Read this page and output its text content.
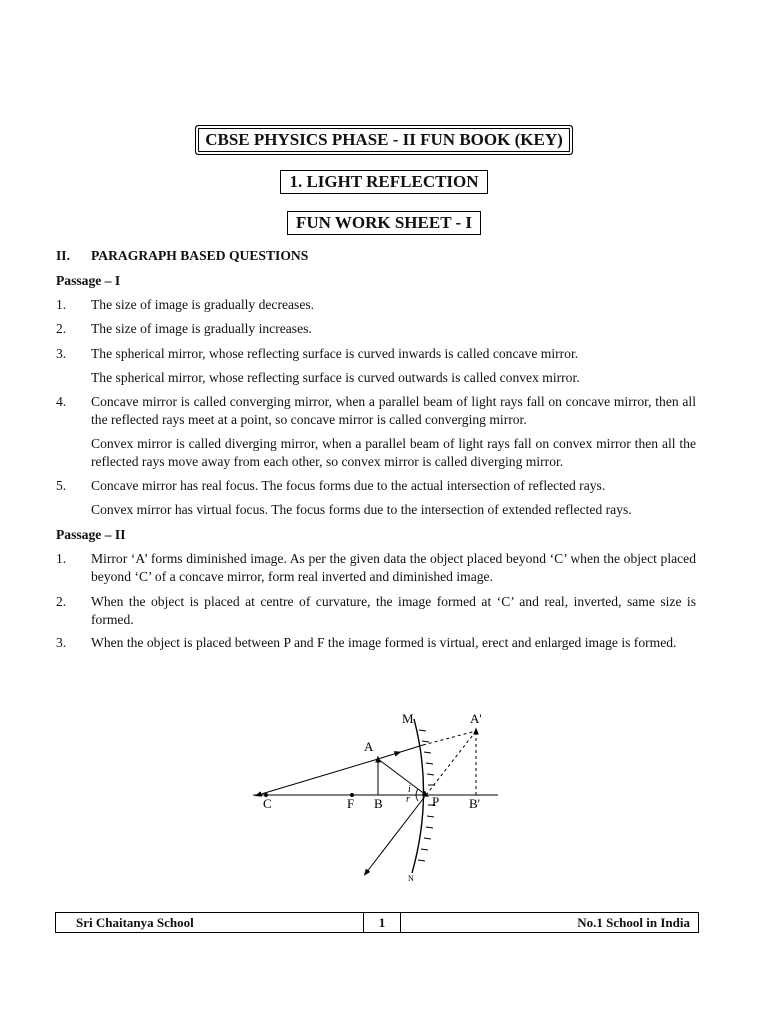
CBSE PHYSICS PHASE - II FUN BOOK (KEY)
1. LIGHT REFLECTION
FUN WORK SHEET - I
II. PARAGRAPH BASED QUESTIONS
Passage – I
1. The size of image is gradually decreases.
2. The size of image is gradually increases.
3. The spherical mirror, whose reflecting surface is curved inwards is called concave mirror.
The spherical mirror, whose reflecting surface is curved outwards is called convex mirror.
4. Concave mirror is called converging mirror, when a parallel beam of light rays fall on concave mirror, then all the reflected rays meet at a point, so concave mirror is called converging mirror.
Convex mirror is called diverging mirror, when a parallel beam of light rays fall on convex mirror then all the reflected rays move away from each other, so convex mirror is called diverging mirror.
5. Concave mirror has real focus. The focus forms due to the actual intersection of reflected rays.
Convex mirror has virtual focus. The focus forms due to the intersection of extended reflected rays.
Passage – II
1. Mirror ‘A’ forms diminished image. As per the given data the object placed beyond ‘C’ when the object placed beyond ‘C’ of a concave mirror, form real inverted and diminished image.
2. When the object is placed at centre of curvature, the image formed at ‘C’ and real, inverted, same size is formed.
3. When the object is placed between P and F the image formed is virtual, erect and enlarged image is formed.
M	A'
A
C	F B
i
r P B'
N
Sri Chaitanya School	1	No.1 School in India
